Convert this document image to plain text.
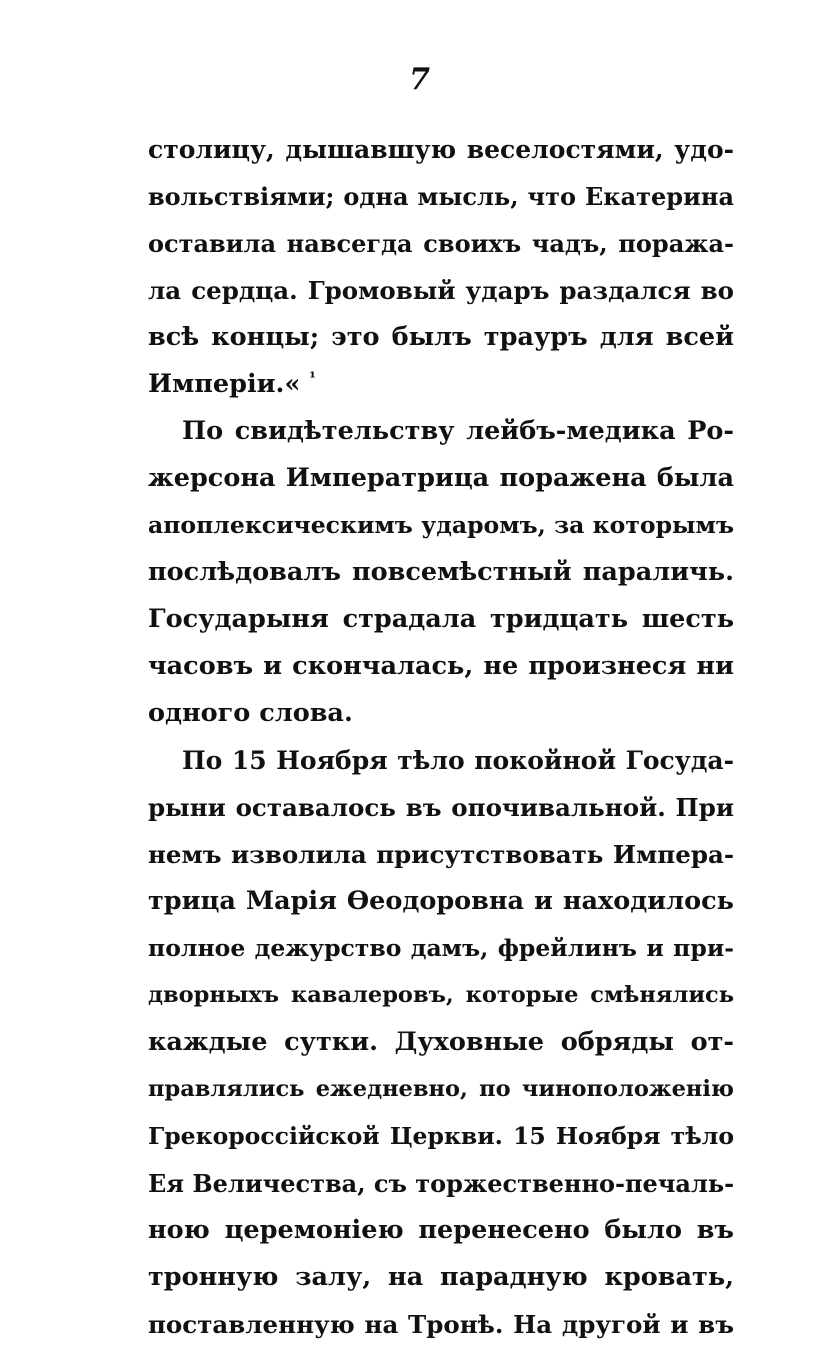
7
столицу, дышавшую веселостями, удо-
вольствіями; одна мысль, что Екатерина
оставила навсегда своихъ чадъ, поража-
ла сердца. Громовый ударъ раздался во
всѣ концы; это былъ трауръ для всей
Имперіи.« $^{^1}$
По свидѣтельству лейбъ-медика Ро-
жерсона Императрица поражена была
апоплексическимъ ударомъ, за которымъ
послѣдовалъ повсемѣстный параличь.
Государыня страдала тридцать шесть
часовъ и скончалась, не произнеся ни
одного слова.
По 15 Ноября тѣло покойной Госуда-
рыни оставалось въ опочивальной. При
немъ изволила присутствовать Импера-
трица Марія Ѳеодоровна и находилось
полное дежурство дамъ, фрейлинъ и при-
дворныхъ кавалеровъ, которые смѣнялись
каждые сутки. Духовные обряды от-
правлялись ежедневно, по чиноположенію
Грекороссійской Церкви. 15 Ноября тѣло
Ея Величества, съ торжественно-печаль-
ною церемоніею перенесено было въ
тронную залу, на парадную кровать,
поставленную на Тронѣ. На другой и въ
